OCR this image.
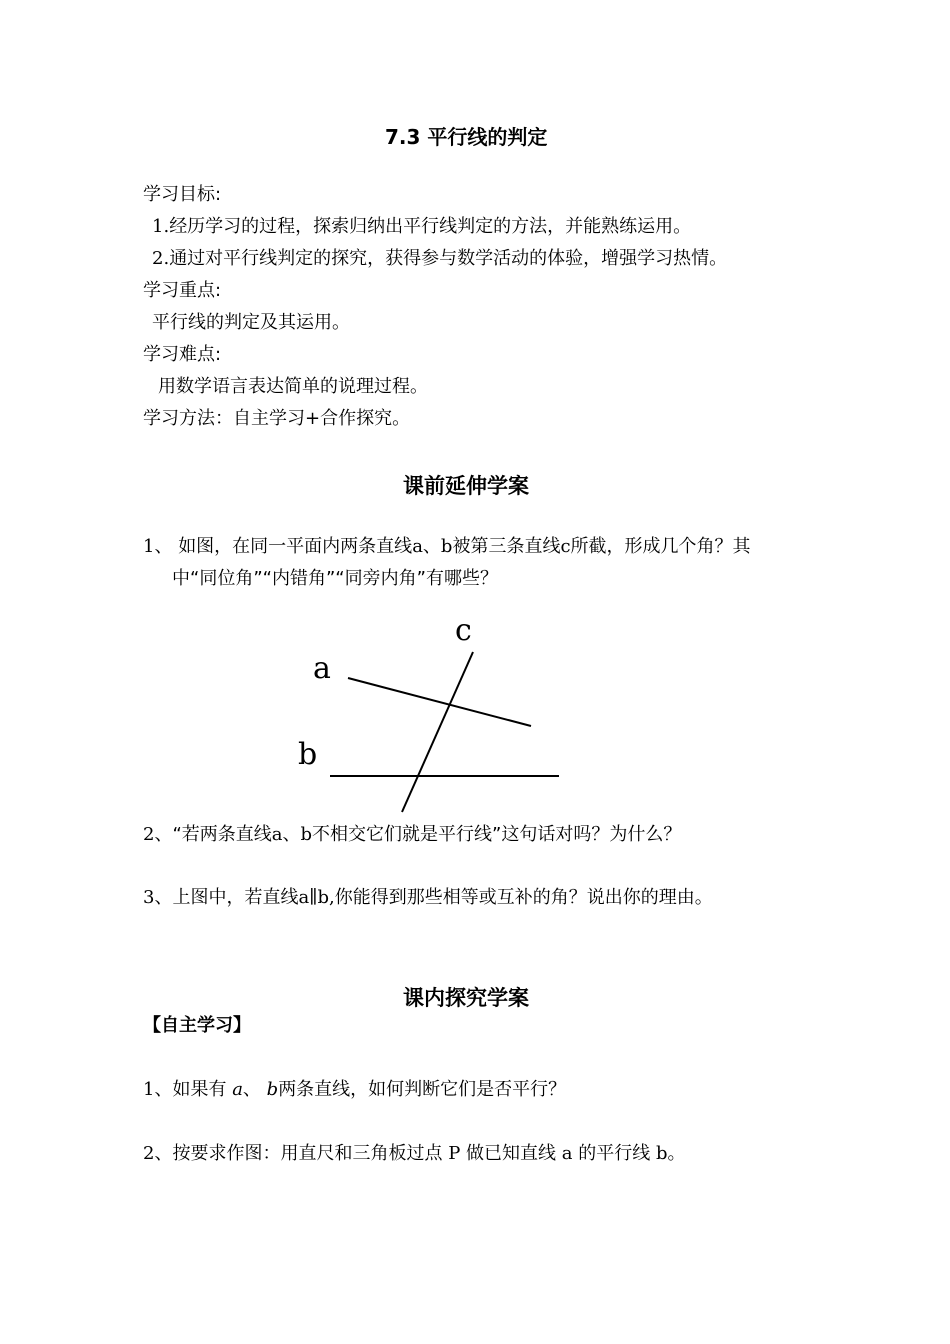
7.3 平行线的判定
学习目标:
1.经历学习的过程，探索归纳出平行线判定的方法，并能熟练运用。
2.通过对平行线判定的探究，获得参与数学活动的体验，增强学习热情。
学习重点:
平行线的判定及其运用。
学习难点:
用数学语言表达简单的说理过程。
学习方法：自主学习+合作探究。
课前延伸学案
1、 如图，在同一平面内两条直线a、b被第三条直线c所截，形成几个角？其
中“同位角”“内错角”“同旁内角”有哪些？
a
b
c
2、“若两条直线a、b不相交它们就是平行线”这句话对吗？为什么？
3、上图中，若直线a∥b,你能得到那些相等或互补的角？说出你的理由。
课内探究学案
【自主学习】
1、如果有 a、 b两条直线，如何判断它们是否平行？
2、按要求作图：用直尺和三角板过点 P 做已知直线 a 的平行线 b。
